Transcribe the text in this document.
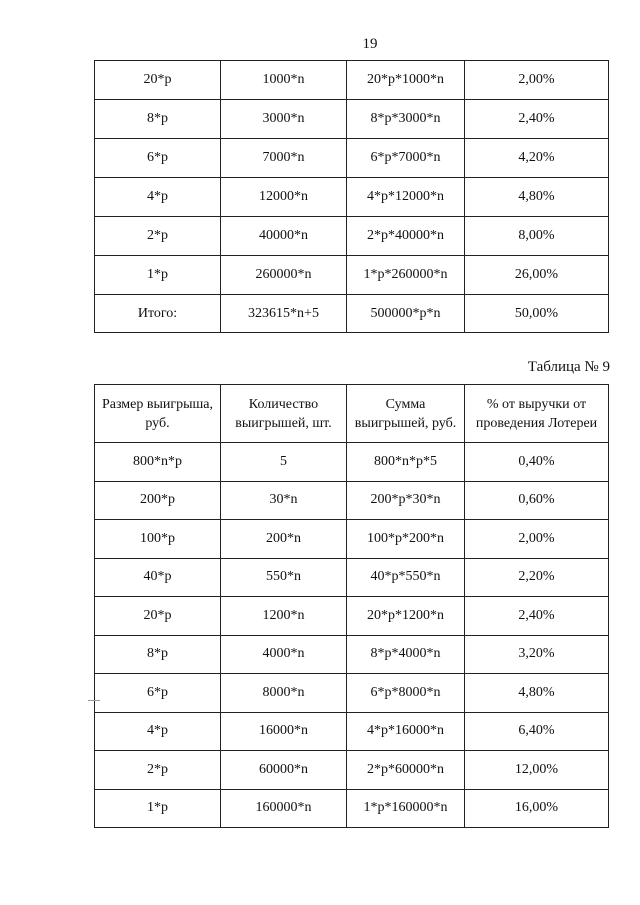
19
20*p	1000*n	20*p*1000*n	2,00%
8*p	3000*n	8*p*3000*n	2,40%
6*p	7000*n	6*p*7000*n	4,20%
4*p	12000*n	4*p*12000*n	4,80%
2*p	40000*n	2*p*40000*n	8,00%
1*p	260000*n	1*p*260000*n	26,00%
Итого:	323615*n+5	500000*p*n	50,00%
Таблица № 9
Размер выигрыша, руб.	Количество выигрышей, шт.	Сумма выигрышей, руб.	% от выручки от проведения Лотереи
800*n*p	5	800*n*p*5	0,40%
200*p	30*n	200*p*30*n	0,60%
100*p	200*n	100*p*200*n	2,00%
40*p	550*n	40*p*550*n	2,20%
20*p	1200*n	20*p*1200*n	2,40%
8*p	4000*n	8*p*4000*n	3,20%
6*p	8000*n	6*p*8000*n	4,80%
4*p	16000*n	4*p*16000*n	6,40%
2*p	60000*n	2*p*60000*n	12,00%
1*p	160000*n	1*p*160000*n	16,00%
